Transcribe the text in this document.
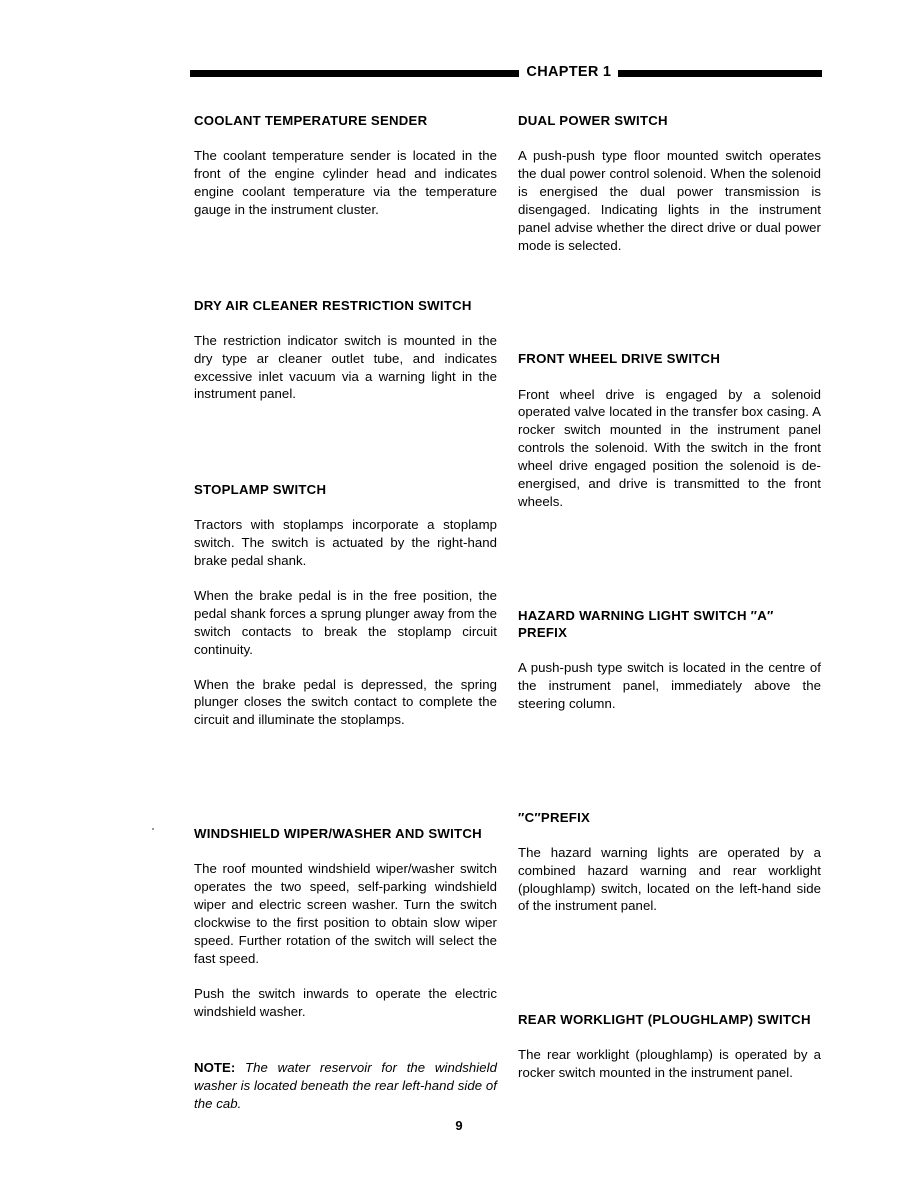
CHAPTER 1
COOLANT TEMPERATURE SENDER

The coolant temperature sender is located in the front of the engine cylinder head and indicates engine coolant temperature via the temperature gauge in the instrument cluster.

DRY AIR CLEANER RESTRICTION SWITCH

The restriction indicator switch is mounted in the dry type ar cleaner outlet tube, and indicates excessive inlet vacuum via a warning light in the instrument panel.

STOPLAMP SWITCH

Tractors with stoplamps incorporate a stoplamp switch. The switch is actuated by the right-hand brake pedal shank.

When the brake pedal is in the free position, the pedal shank forces a sprung plunger away from the switch contacts to break the stoplamp circuit continuity.

When the brake pedal is depressed, the spring plunger closes the switch contact to complete the circuit and illuminate the stoplamps.

WINDSHIELD WIPER/WASHER AND SWITCH

The roof mounted windshield wiper/washer switch operates the two speed, self-parking windshield wiper and electric screen washer. Turn the switch clockwise to the first position to obtain slow wiper speed. Further rotation of the switch will select the fast speed.

Push the switch inwards to operate the electric windshield washer.

NOTE: The water reservoir for the windshield washer is located beneath the rear left-hand side of the cab.

DUAL POWER SWITCH

A push-push type floor mounted switch operates the dual power control solenoid. When the solenoid is energised the dual power transmission is disengaged. Indicating lights in the instrument panel advise whether the direct drive or dual power mode is selected.

FRONT WHEEL DRIVE SWITCH

Front wheel drive is engaged by a solenoid operated valve located in the transfer box casing. A rocker switch mounted in the instrument panel controls the solenoid. With the switch in the front wheel drive engaged position the solenoid is de-energised, and drive is transmitted to the front wheels.

HAZARD WARNING LIGHT SWITCH ″A″ PREFIX

A push-push type switch is located in the centre of the instrument panel, immediately above the steering column.

″C″PREFIX

The hazard warning lights are operated by a combined hazard warning and rear worklight (ploughlamp) switch, located on the left-hand side of the instrument panel.

REAR WORKLIGHT (PLOUGHLAMP) SWITCH

The rear worklight (ploughlamp) is operated by a rocker switch mounted in the instrument panel.

9
